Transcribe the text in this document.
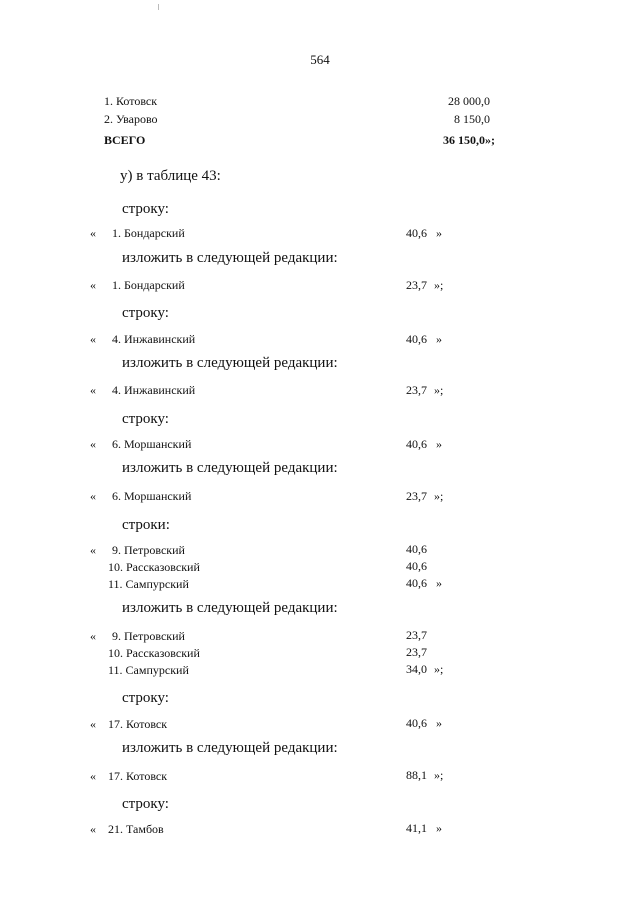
564
1. Котовск	28 000,0
2. Уварово	8 150,0
ВСЕГО	36 150,0»;
у) в таблице 43:
строку:
« 1. Бондарский	40,6 »
изложить в следующей редакции:
« 1. Бондарский	23,7 »;
строку:
« 4. Инжавинский	40,6 »
изложить в следующей редакции:
« 4. Инжавинский	23,7 »;
строку:
« 6. Моршанский	40,6 »
изложить в следующей редакции:
« 6. Моршанский	23,7 »;
строки:
« 9. Петровский	40,6
10. Рассказовский	40,6
11. Сампурский	40,6 »
изложить в следующей редакции:
« 9. Петровский	23,7
10. Рассказовский	23,7
11. Сампурский	34,0 »;
строку:
« 17. Котовск	40,6 »
изложить в следующей редакции:
« 17. Котовск	88,1 »;
строку:
« 21. Тамбов	41,1 »
